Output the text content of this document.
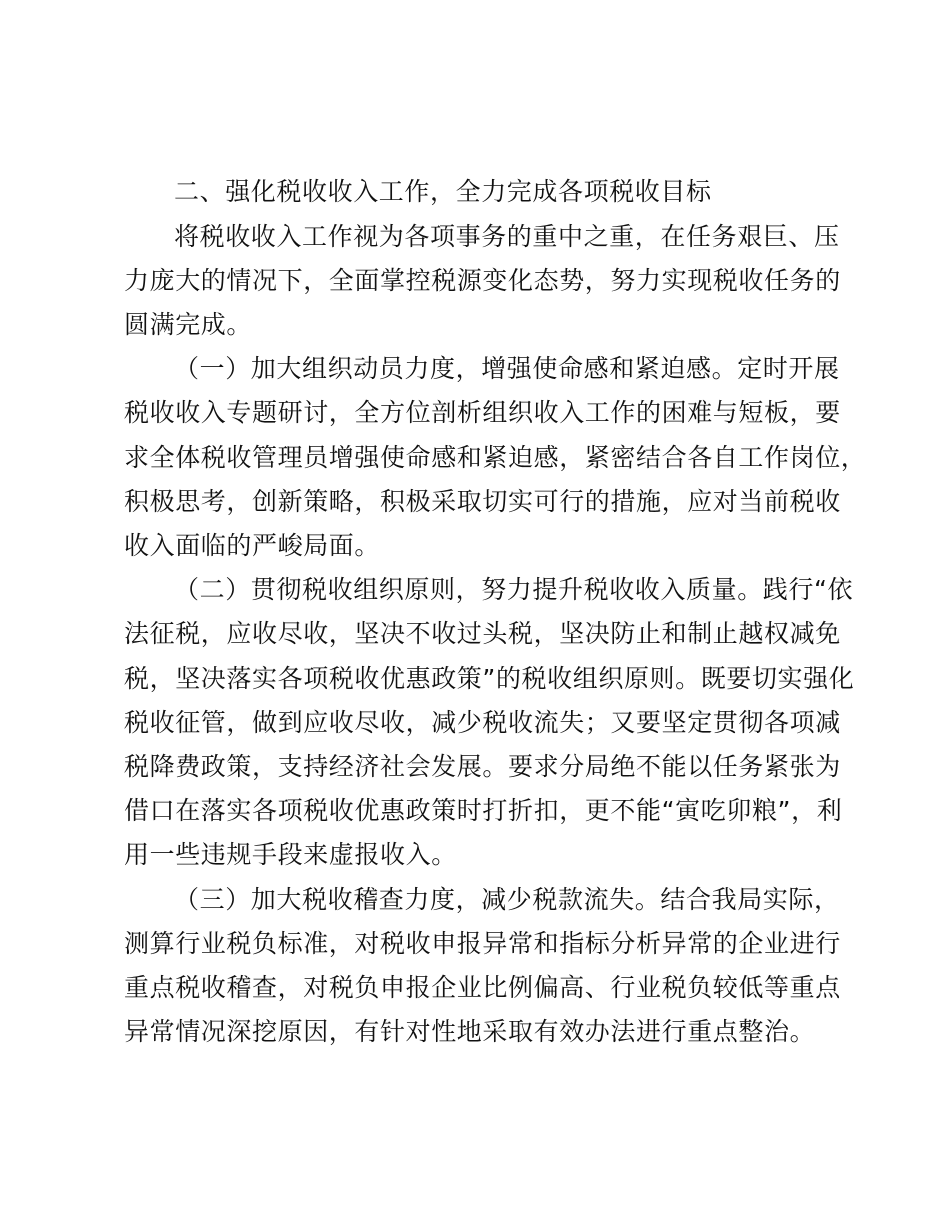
二、强化税收收入工作，全力完成各项税收目标
将税收收入工作视为各项事务的重中之重，在任务艰巨、压
力庞大的情况下，全面掌控税源变化态势，努力实现税收任务的
圆满完成。
（一）加大组织动员力度，增强使命感和紧迫感。定时开展
税收收入专题研讨，全方位剖析组织收入工作的困难与短板，要
求全体税收管理员增强使命感和紧迫感，紧密结合各自工作岗位，
积极思考，创新策略，积极采取切实可行的措施，应对当前税收
收入面临的严峻局面。
（二）贯彻税收组织原则，努力提升税收收入质量。践行“依
法征税，应收尽收，坚决不收过头税，坚决防止和制止越权减免
税，坚决落实各项税收优惠政策”的税收组织原则。既要切实强化
税收征管，做到应收尽收，减少税收流失；又要坚定贯彻各项减
税降费政策，支持经济社会发展。要求分局绝不能以任务紧张为
借口在落实各项税收优惠政策时打折扣，更不能“寅吃卯粮”，利
用一些违规手段来虚报收入。
（三）加大税收稽查力度，减少税款流失。结合我局实际，
测算行业税负标准，对税收申报异常和指标分析异常的企业进行
重点税收稽查，对税负申报企业比例偏高、行业税负较低等重点
异常情况深挖原因，有针对性地采取有效办法进行重点整治。
